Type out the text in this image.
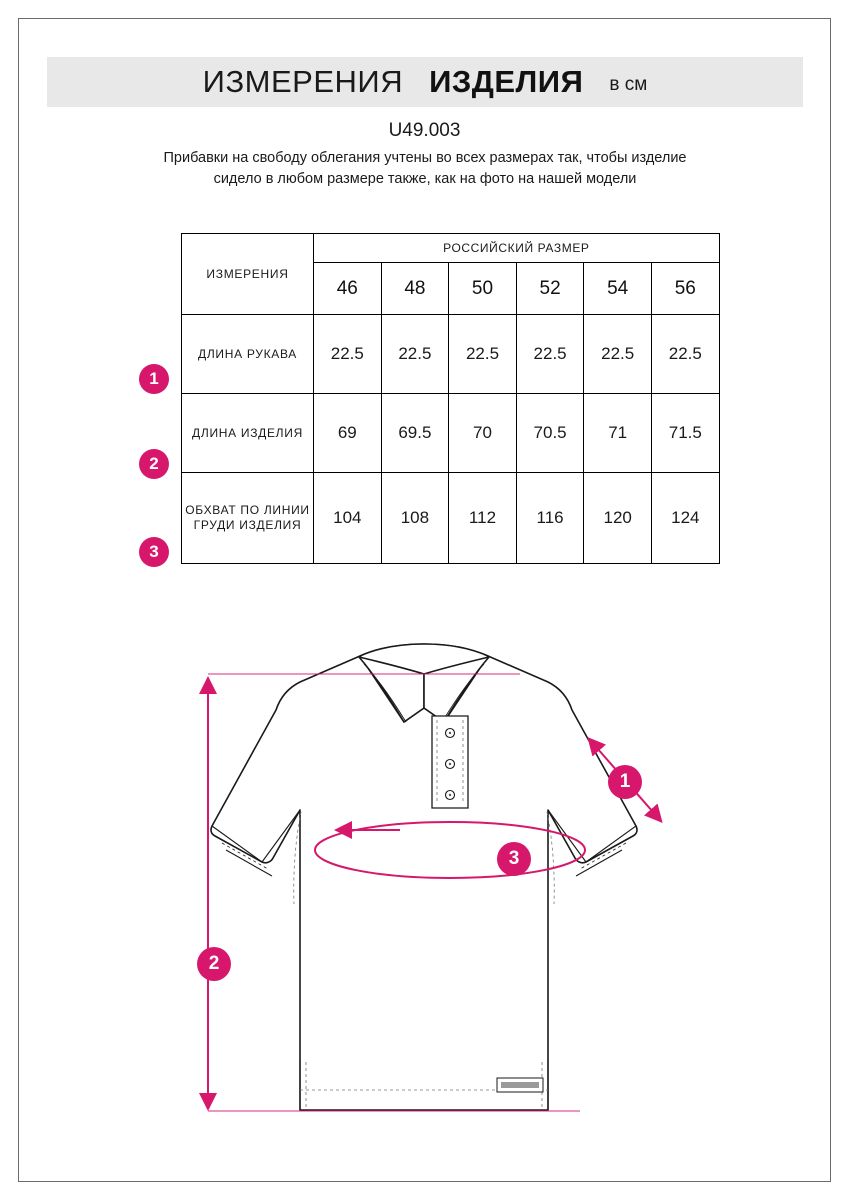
ИЗМЕРЕНИЯ ИЗДЕЛИЯ в см
U49.003
Прибавки на свободу облегания учтены во всех размерах так, чтобы изделие сидело в любом размере также, как на фото на нашей модели
1
2
3
ИЗМЕРЕНИЯ	РОССИЙСКИЙ РАЗМЕР					
	46	48	50	52	54	56
ДЛИНА РУКАВА	22.5	22.5	22.5	22.5	22.5	22.5
ДЛИНА ИЗДЕЛИЯ	69	69.5	70	70.5	71	71.5
ОБХВАТ ПО ЛИНИИ ГРУДИ ИЗДЕЛИЯ	104	108	112	116	120	124
1
2
3
